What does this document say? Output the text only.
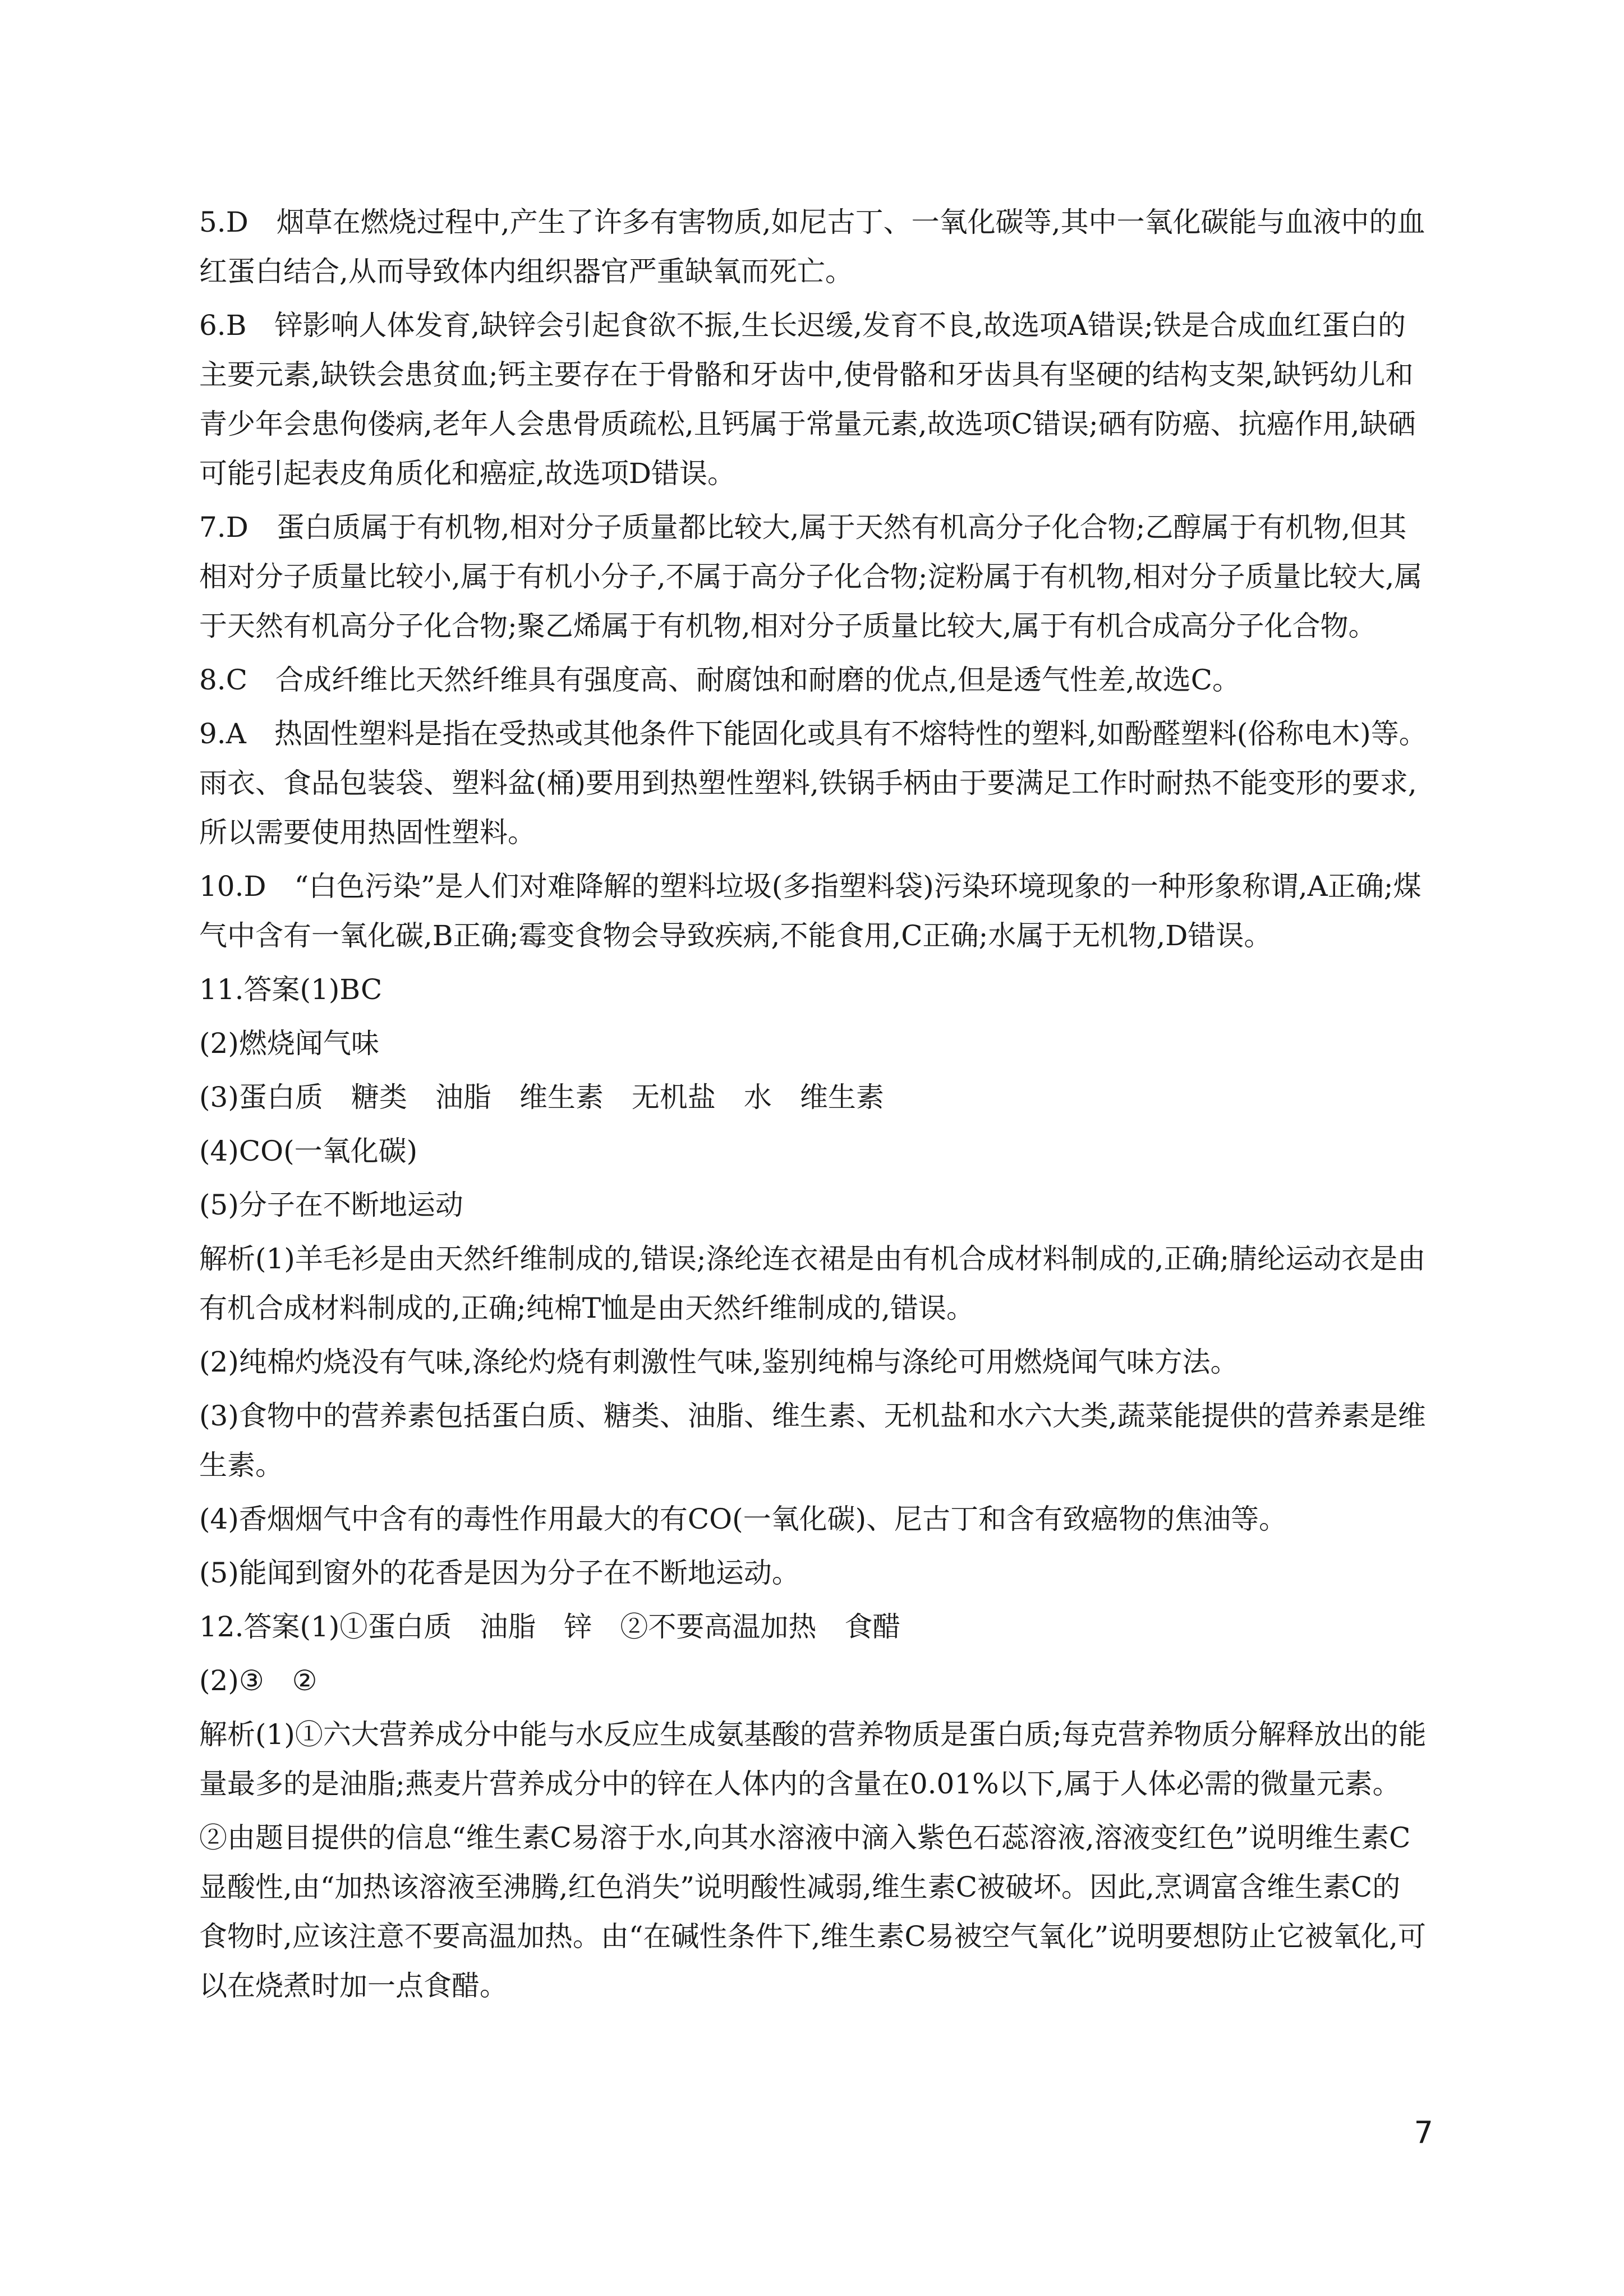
5.D　烟草在燃烧过程中,产生了许多有害物质,如尼古丁、一氧化碳等,其中一氧化碳能与血液中的血红蛋白结合,从而导致体内组织器官严重缺氧而死亡。

6.B　锌影响人体发育,缺锌会引起食欲不振,生长迟缓,发育不良,故选项A错误;铁是合成血红蛋白的主要元素,缺铁会患贫血;钙主要存在于骨骼和牙齿中,使骨骼和牙齿具有坚硬的结构支架,缺钙幼儿和青少年会患佝偻病,老年人会患骨质疏松,且钙属于常量元素,故选项C错误;硒有防癌、抗癌作用,缺硒可能引起表皮角质化和癌症,故选项D错误。

7.D　蛋白质属于有机物,相对分子质量都比较大,属于天然有机高分子化合物;乙醇属于有机物,但其相对分子质量比较小,属于有机小分子,不属于高分子化合物;淀粉属于有机物,相对分子质量比较大,属于天然有机高分子化合物;聚乙烯属于有机物,相对分子质量比较大,属于有机合成高分子化合物。

8.C　合成纤维比天然纤维具有强度高、耐腐蚀和耐磨的优点,但是透气性差,故选C。

9.A　热固性塑料是指在受热或其他条件下能固化或具有不熔特性的塑料,如酚醛塑料(俗称电木)等。雨衣、食品包装袋、塑料盆(桶)要用到热塑性塑料,铁锅手柄由于要满足工作时耐热不能变形的要求,所以需要使用热固性塑料。

10.D　“白色污染”是人们对难降解的塑料垃圾(多指塑料袋)污染环境现象的一种形象称谓,A正确;煤气中含有一氧化碳,B正确;霉变食物会导致疾病,不能食用,C正确;水属于无机物,D错误。

11.答案(1)BC

(2)燃烧闻气味

(3)蛋白质　糖类　油脂　维生素　无机盐　水　维生素

(4)CO(一氧化碳)

(5)分子在不断地运动

解析(1)羊毛衫是由天然纤维制成的,错误;涤纶连衣裙是由有机合成材料制成的,正确;腈纶运动衣是由有机合成材料制成的,正确;纯棉T恤是由天然纤维制成的,错误。

(2)纯棉灼烧没有气味,涤纶灼烧有刺激性气味,鉴别纯棉与涤纶可用燃烧闻气味方法。

(3)食物中的营养素包括蛋白质、糖类、油脂、维生素、无机盐和水六大类,蔬菜能提供的营养素是维生素。

(4)香烟烟气中含有的毒性作用最大的有CO(一氧化碳)、尼古丁和含有致癌物的焦油等。

(5)能闻到窗外的花香是因为分子在不断地运动。

12.答案(1)①蛋白质　油脂　锌　②不要高温加热　食醋

(2)③　②

解析(1)①六大营养成分中能与水反应生成氨基酸的营养物质是蛋白质;每克营养物质分解释放出的能量最多的是油脂;燕麦片营养成分中的锌在人体内的含量在0.01%以下,属于人体必需的微量元素。

②由题目提供的信息“维生素C易溶于水,向其水溶液中滴入紫色石蕊溶液,溶液变红色”说明维生素C显酸性,由“加热该溶液至沸腾,红色消失”说明酸性减弱,维生素C被破坏。因此,烹调富含维生素C的食物时,应该注意不要高温加热。由“在碱性条件下,维生素C易被空气氧化”说明要想防止它被氧化,可以在烧煮时加一点食醋。

7
